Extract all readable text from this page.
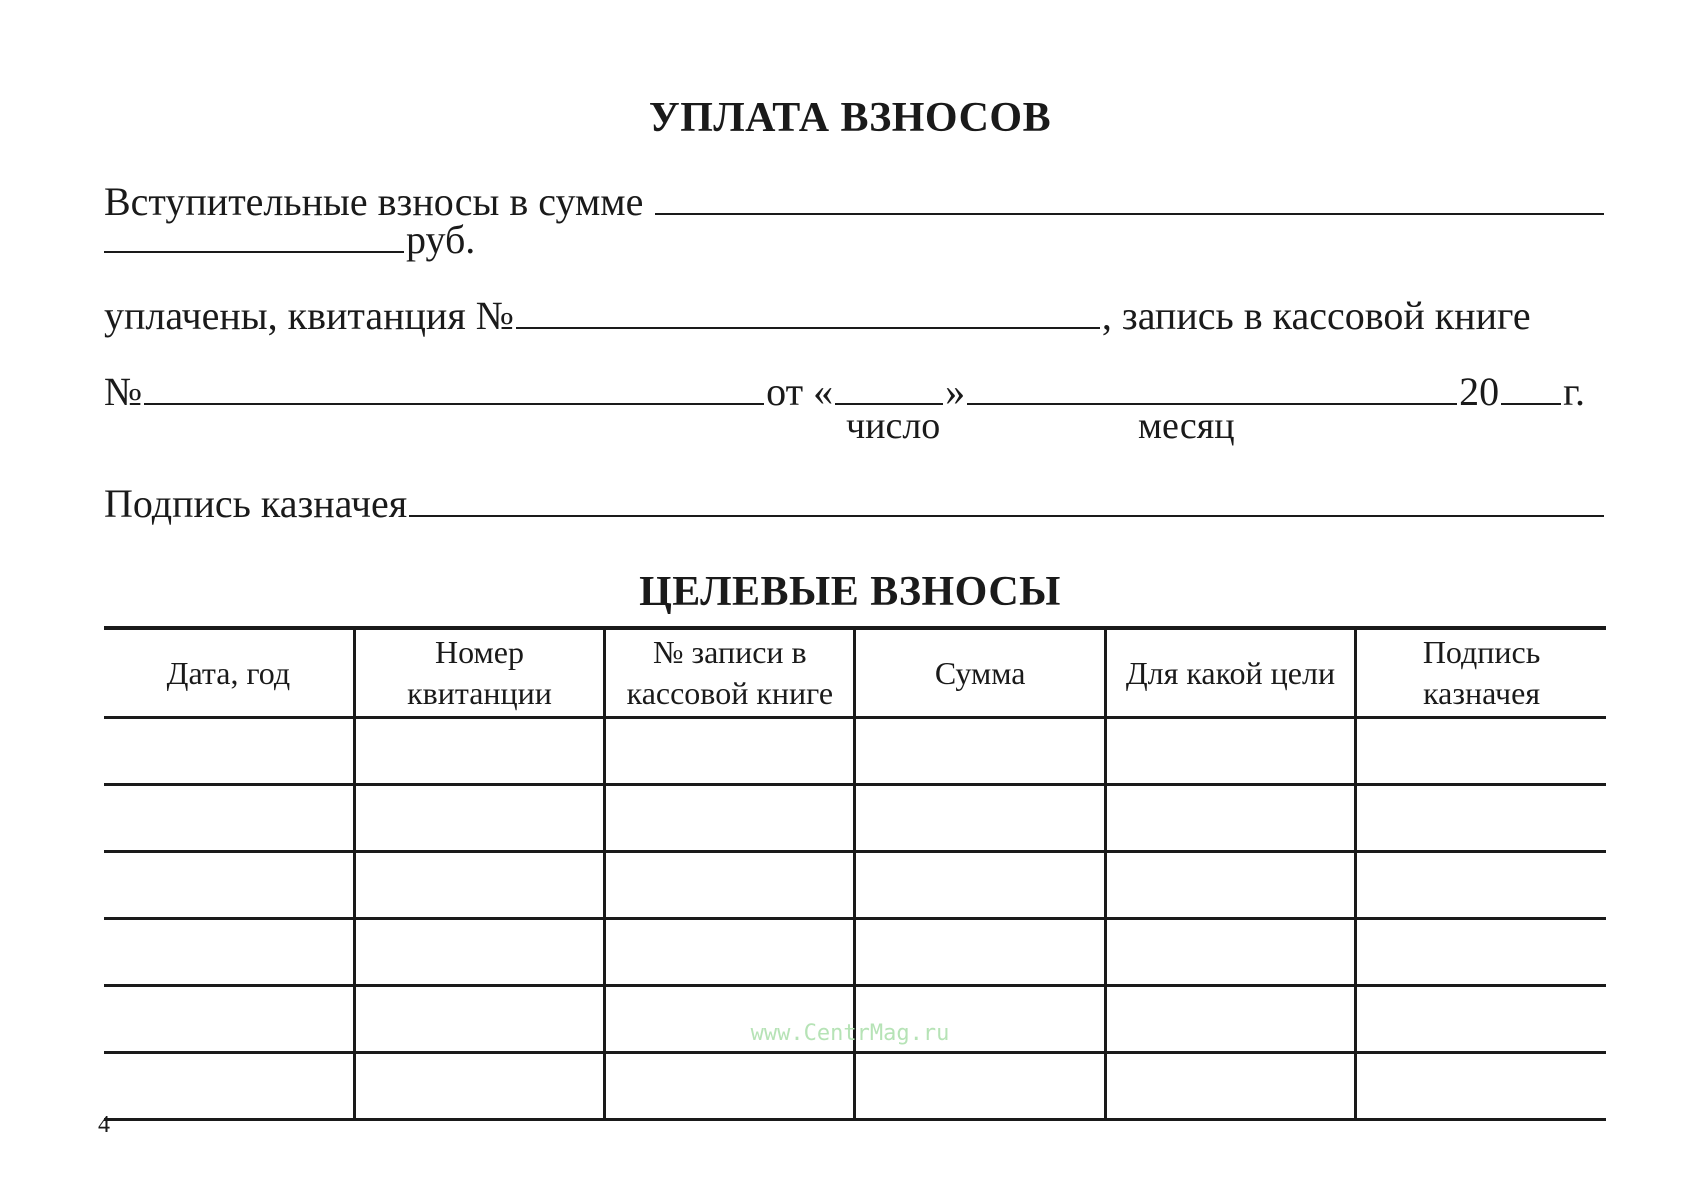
УПЛАТА ВЗНОСОВ
Вступительные взносы в сумме
руб.
уплачены, квитанция №	, запись в кассовой книге
№	от «	»	20 г.
число	месяц
Подпись казначея
ЦЕЛЕВЫЕ ВЗНОСЫ
Дата, год	Номер квитанции	№ записи в кассовой книге	Сумма	Для какой цели	Подпись казначея

www.CentrMag.ru
4
